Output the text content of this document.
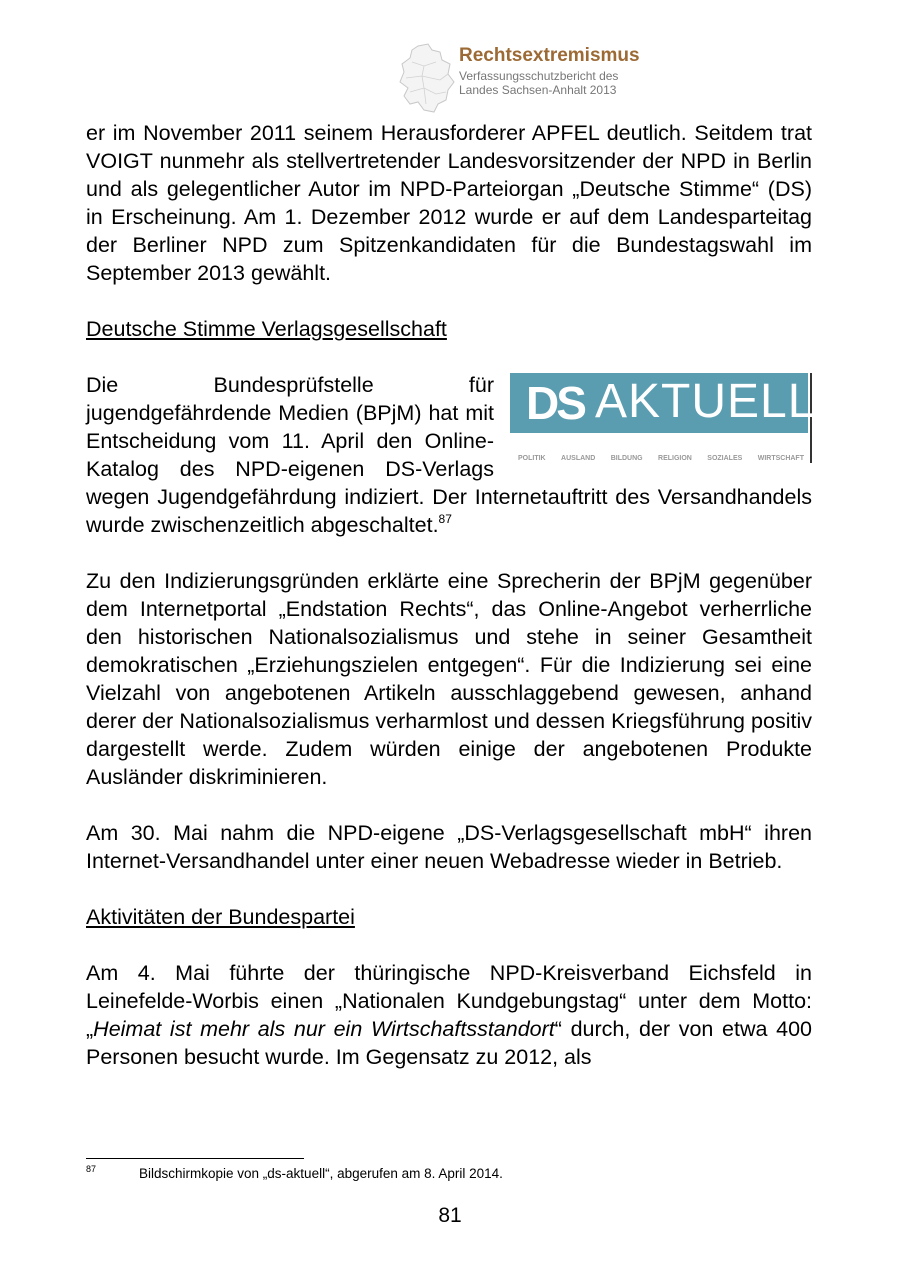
Rechtsextremismus
Verfassungsschutzbericht des
Landes Sachsen-Anhalt 2013

er im November 2011 seinem Herausforderer APFEL deutlich. Seitdem trat VOIGT nunmehr als stellvertretender Landesvorsitzender der NPD in Berlin und als gelegentlicher Autor im NPD-Parteiorgan „Deutsche Stimme“ (DS) in Erscheinung. Am 1. Dezember 2012 wurde er auf dem Landesparteitag der Berliner NPD zum Spitzenkandidaten für die Bundestagswahl im September 2013 gewählt.

Deutsche Stimme Verlagsgesellschaft
DS AKTUELL
POLITIK AUSLAND BILDUNG RELIGION SOZIALES WIRTSCHAFT

Die Bundesprüfstelle für jugendgefährdende Medien (BPjM) hat mit Entscheidung vom 11. April den Online-Katalog des NPD-eigenen DS-Verlags wegen Jugendgefährdung indiziert. Der Internetauftritt des Versandhandels wurde zwischenzeitlich abgeschaltet.$^{87}$

Zu den Indizierungsgründen erklärte eine Sprecherin der BPjM gegenüber dem Internetportal „Endstation Rechts“, das Online-Angebot verherrliche den historischen Nationalsozialismus und stehe in seiner Gesamtheit demokratischen „Erziehungszielen entgegen“. Für die Indizierung sei eine Vielzahl von angebotenen Artikeln ausschlaggebend gewesen, anhand derer der Nationalsozialismus verharmlost und dessen Kriegsführung positiv dargestellt werde. Zudem würden einige der angebotenen Produkte Ausländer diskriminieren.

Am 30. Mai nahm die NPD-eigene „DS-Verlagsgesellschaft mbH“ ihren Internet-Versandhandel unter einer neuen Webadresse wieder in Betrieb.

Aktivitäten der Bundespartei

Am 4. Mai führte der thüringische NPD-Kreisverband Eichsfeld in Leinefelde-Worbis einen „Nationalen Kundgebungstag“ unter dem Motto: „Heimat ist mehr als nur ein Wirtschaftsstandort“ durch, der von etwa 400 Personen besucht wurde. Im Gegensatz zu 2012, als

87	Bildschirmkopie von „ds-aktuell“, abgerufen am 8. April 2014.
81
